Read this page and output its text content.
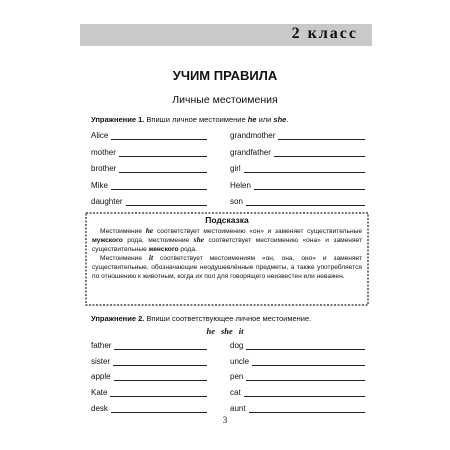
2 класс
УЧИМ ПРАВИЛА
Личные местоимения
Упражнение 1. Впиши личное местоимение he или she.
Alice
mother
brother
Mike
daughter
grandmother
grandfather
girl
Helen
son
Подсказка

Местоимение he соответствует местоимению «он» и заменяет существительные мужского рода, местоимение she соответствует местоимению «она» и заменяет существительные женского рода.

Местоимение it соответствует местоимениям «он, она, оно» и заменяет существительные, обозначающие неодушевлённые предметы, а также употребляется по отношению к животным, когда их пол для говорящего неизвестен или неважен.

Упражнение 2. Впиши соответствующее личное местоимение.
he she it
father
sister
apple
Kate
desk
dog
uncle
pen
cat
aunt
3
